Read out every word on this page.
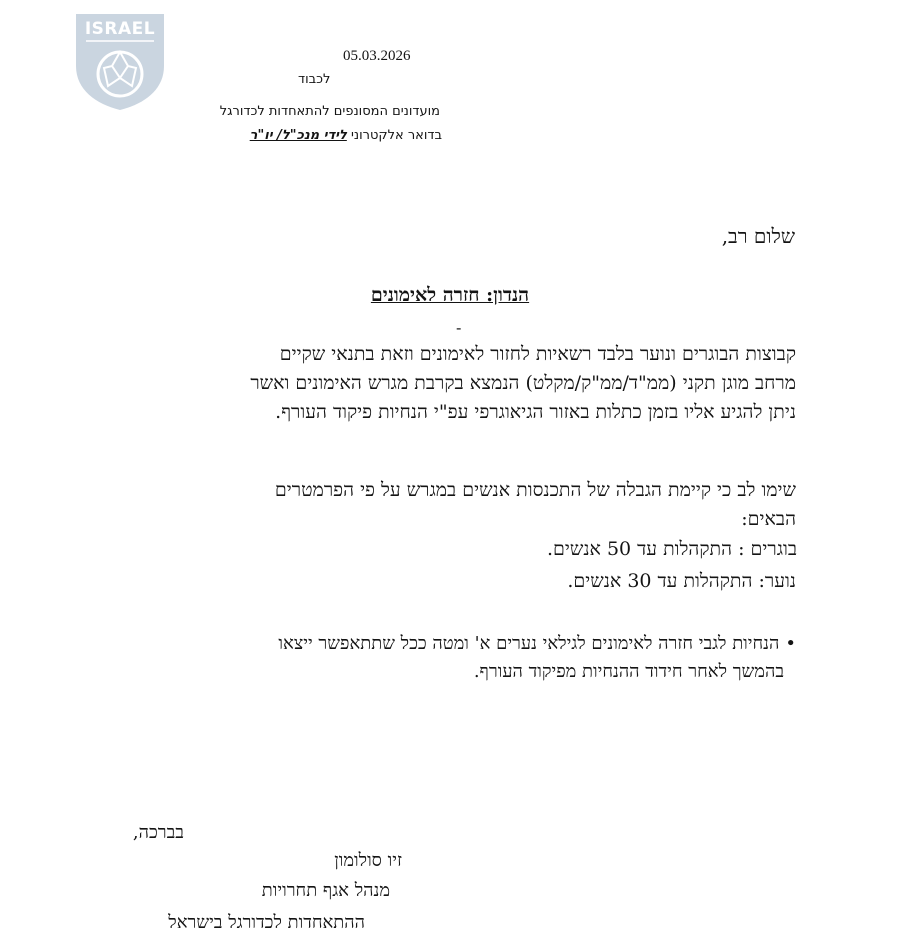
ISRAEL
05.03.2026
לכבוד
מועדונים המסונפים להתאחדות לכדורגל
בדואר אלקטרוני לידי מנכ"ל/ יו"ר
שלום רב,
הנדון: חזרה לאימונים
-
קבוצות הבוגרים ונוער בלבד רשאיות לחזור לאימונים וזאת בתנאי שקיים
מרחב מוגן תקני (ממ"ד/ממ"ק/מקלט) הנמצא בקרבת מגרש האימונים ואשר
ניתן להגיע אליו בזמן כתלות באזור הגיאוגרפי עפ"י הנחיות פיקוד העורף.
שימו לב כי קיימת הגבלה של התכנסות אנשים במגרש על פי הפרמטרים
הבאים:
בוגרים : התקהלות עד 50 אנשים.
נוער: התקהלות עד 30 אנשים.
•הנחיות לגבי חזרה לאימונים לגילאי נערים א' ומטה ככל שתתאפשר ייצאו
בהמשך לאחר חידוד ההנחיות מפיקוד העורף.
בברכה,
זיו סולומון
מנהל אגף תחרויות
ההתאחדות לכדורגל בישראל
